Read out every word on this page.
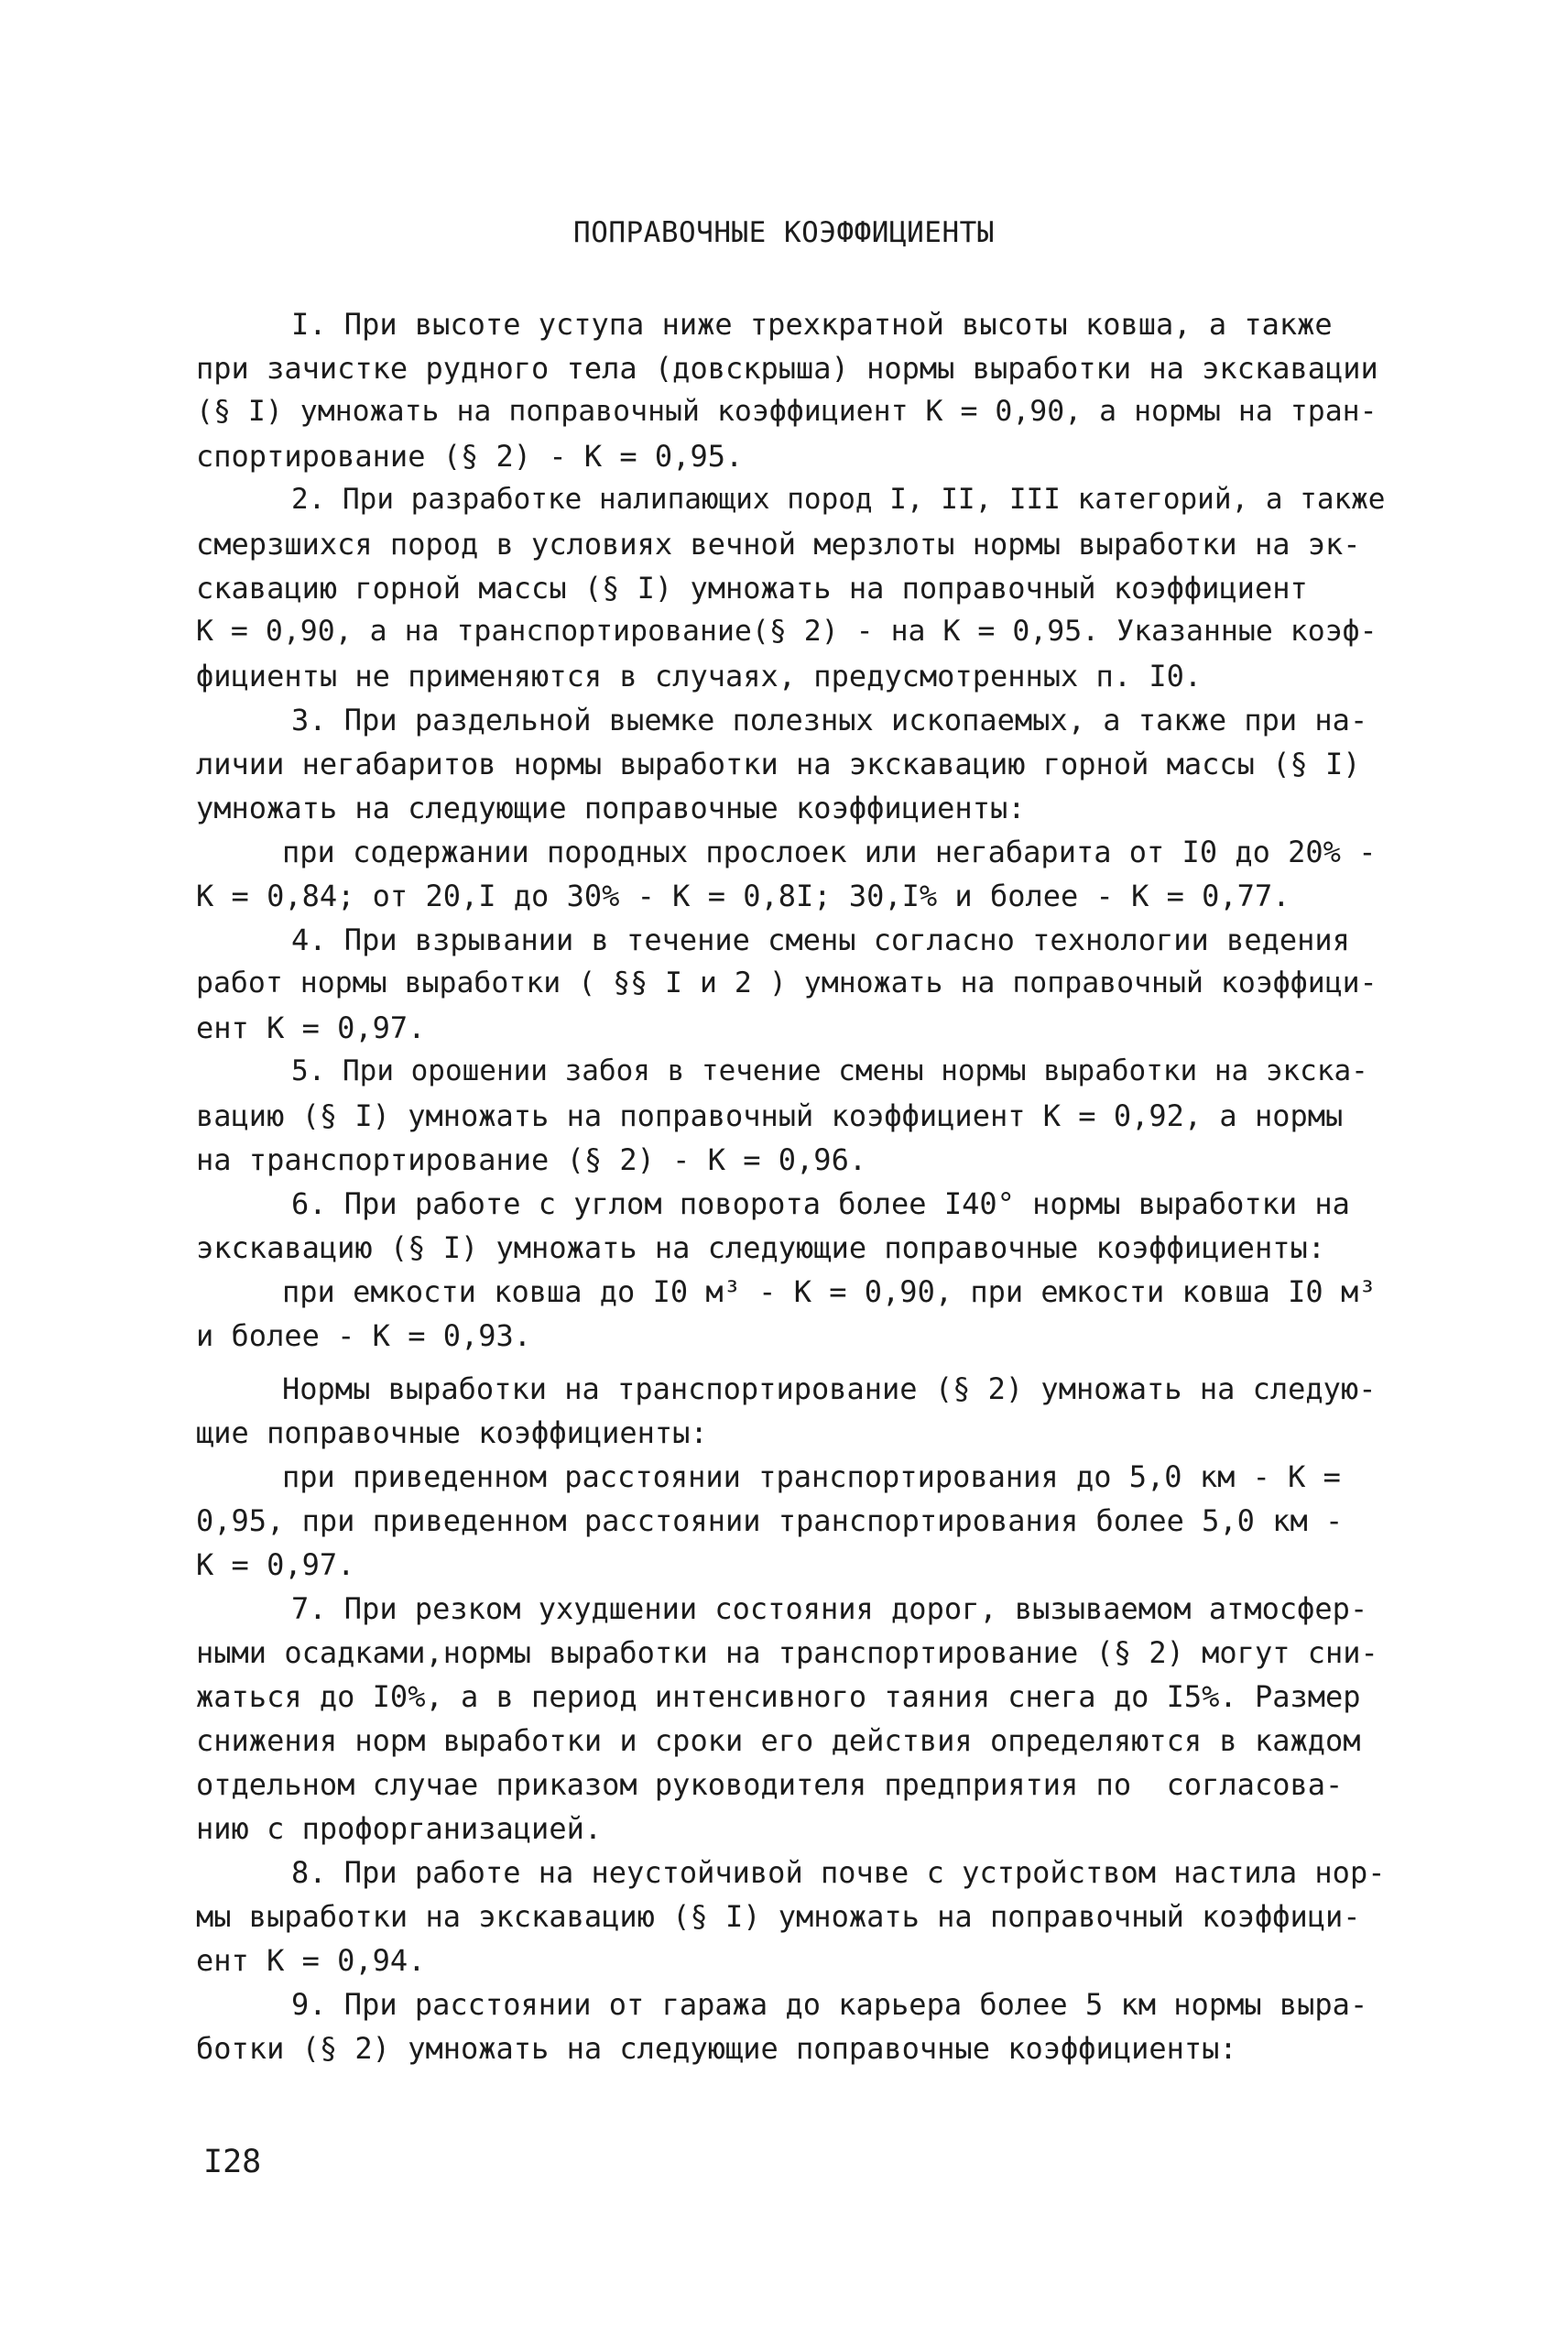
ПОПРАВОЧНЫЕ КОЭФФИЦИЕНТЫ
I. При высоте уступа ниже трехкратной высоты ковша, а также
при зачистке рудного тела (довскрыша) нормы выработки на экскавации
(§ I) умножать на поправочный коэффициент К = 0,90, а нормы на тран-
спортирование (§ 2) - К = 0,95.
2. При разработке налипающих пород I, II, III категорий, а также
смерзшихся пород в условиях вечной мерзлоты нормы выработки на эк-
скавацию горной массы (§ I) умножать на поправочный коэффициент
К = 0,90, а на транспортирование(§ 2) - на К = 0,95. Указанные коэф-
фициенты не применяются в случаях, предусмотренных п. I0.
3. При раздельной выемке полезных ископаемых, а также при на-
личии негабаритов нормы выработки на экскавацию горной массы (§ I)
умножать на следующие поправочные коэффициенты:
при содержании породных прослоек или негабарита от I0 до 20% -
К = 0,84; от 20,I до 30% - К = 0,8I; 30,I% и более - К = 0,77.
4. При взрывании в течение смены согласно технологии ведения
работ нормы выработки ( §§ I и 2 ) умножать на поправочный коэффици-
ент К = 0,97.
5. При орошении забоя в течение смены нормы выработки на экска-
вацию (§ I) умножать на поправочный коэффициент К = 0,92, а нормы
на транспортирование (§ 2) - К = 0,96.
6. При работе с углом поворота более I40° нормы выработки на
экскавацию (§ I) умножать на следующие поправочные коэффициенты:
при емкости ковша до I0 м³ - К = 0,90, при емкости ковша I0 м³
и более - К = 0,93.
Нормы выработки на транспортирование (§ 2) умножать на следую-
щие поправочные коэффициенты:
при приведенном расстоянии транспортирования до 5,0 км - К =
0,95, при приведенном расстоянии транспортирования более 5,0 км -
К = 0,97.
7. При резком ухудшении состояния дорог, вызываемом атмосфер-
ными осадками,нормы выработки на транспортирование (§ 2) могут сни-
жаться до I0%, а в период интенсивного таяния снега до I5%. Размер
снижения норм выработки и сроки его действия определяются в каждом
отдельном случае приказом руководителя предприятия по  согласова-
нию с профорганизацией.
8. При работе на неустойчивой почве с устройством настила нор-
мы выработки на экскавацию (§ I) умножать на поправочный коэффици-
ент К = 0,94.
9. При расстоянии от гаража до карьера более 5 км нормы выра-
ботки (§ 2) умножать на следующие поправочные коэффициенты:
I28
